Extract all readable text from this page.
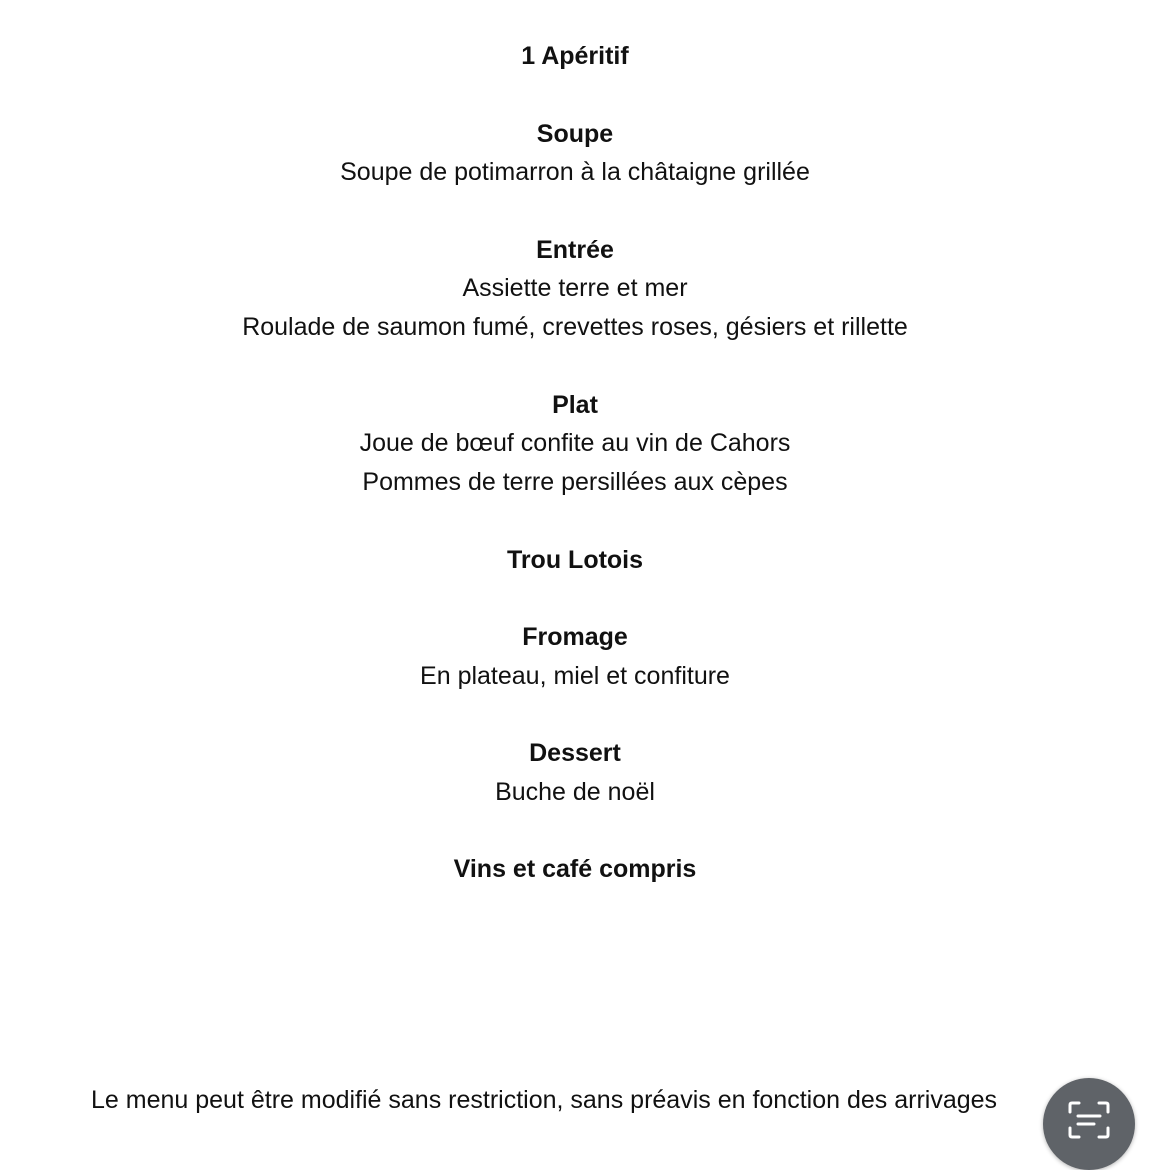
1 Apéritif
Soupe
Soupe de potimarron à la châtaigne grillée
Entrée
Assiette terre et mer
Roulade de saumon fumé, crevettes roses, gésiers et rillette
Plat
Joue de bœuf confite au vin de Cahors
Pommes de terre persillées aux cèpes
Trou Lotois
Fromage
En plateau, miel et confiture
Dessert
Buche de noël
Vins et café compris
Le menu peut être modifié sans restriction, sans préavis en fonction des arrivages
